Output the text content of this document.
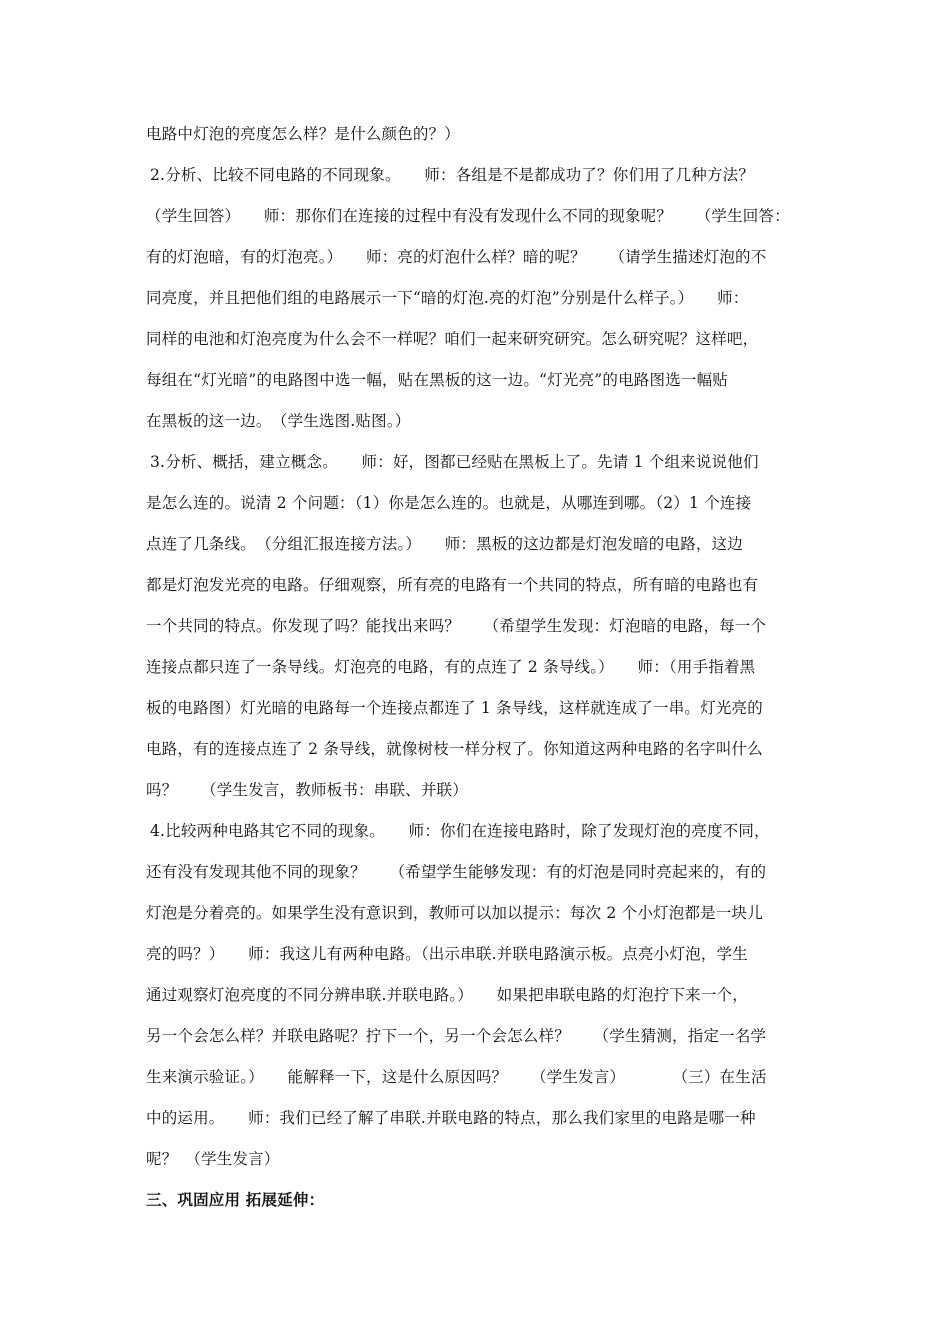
电路中灯泡的亮度怎么样？是什么颜色的？）
2.分析、比较不同电路的不同现象。　　师：各组是不是都成功了？你们用了几种方法？
（学生回答）　　师：那你们在连接的过程中有没有发现什么不同的现象呢？　　（学生回答：
有的灯泡暗，有的灯泡亮。）　　师：亮的灯泡什么样？暗的呢？　　（请学生描述灯泡的不
同亮度，并且把他们组的电路展示一下“暗的灯泡.亮的灯泡”分别是什么样子。）　　师：
同样的电池和灯泡亮度为什么会不一样呢？咱们一起来研究研究。怎么研究呢？这样吧，
每组在“灯光暗”的电路图中选一幅，贴在黑板的这一边。“灯光亮”的电路图选一幅贴
在黑板的这一边。　（学生选图.贴图。）
3.分析、概括，建立概念。　　师：好，图都已经贴在黑板上了。先请 1 个组来说说他们
是怎么连的。说清 2 个问题：（1）你是怎么连的。也就是，从哪连到哪。（2）1 个连接
点连了几条线。　（分组汇报连接方法。）　　师：黑板的这边都是灯泡发暗的电路，这边
都是灯泡发光亮的电路。仔细观察，所有亮的电路有一个共同的特点，所有暗的电路也有
一个共同的特点。你发现了吗？能找出来吗？　　（希望学生发现：灯泡暗的电路，每一个
连接点都只连了一条导线。灯泡亮的电路，有的点连了 2 条导线。）　　师：（用手指着黑
板的电路图）灯光暗的电路每一个连接点都连了 1 条导线，这样就连成了一串。灯光亮的
电路，有的连接点连了 2 条导线，就像树枝一样分杈了。你知道这两种电路的名字叫什么
吗？　　（学生发言，教师板书：串联、并联）
4.比较两种电路其它不同的现象。　　师：你们在连接电路时，除了发现灯泡的亮度不同，
还有没有发现其他不同的现象？　　（希望学生能够发现：有的灯泡是同时亮起来的，有的
灯泡是分着亮的。如果学生没有意识到，教师可以加以提示：每次 2 个小灯泡都是一块儿
亮的吗？）　　师：我这儿有两种电路。（出示串联.并联电路演示板。点亮小灯泡，学生
通过观察灯泡亮度的不同分辨串联.并联电路。）　　如果把串联电路的灯泡拧下来一个，
另一个会怎么样？并联电路呢？拧下一个，另一个会怎么样？　　（学生猜测，指定一名学
生来演示验证。）　　能解释一下，这是什么原因吗？　　（学生发言）　　　　（三）在生活
中的运用。　　师：我们已经了解了串联.并联电路的特点，那么我们家里的电路是哪一种
呢？　（学生发言）
三、巩固应用 拓展延伸：
